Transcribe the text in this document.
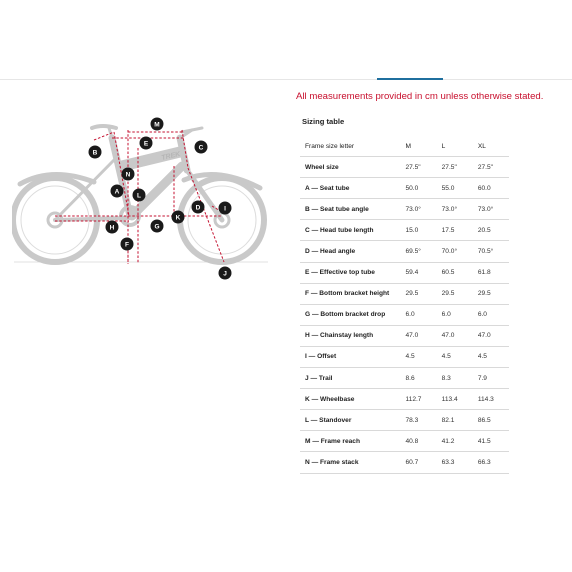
TREK
A
B
C
D
E
F
G
H
I
J
K
L
M
N

All measurements provided in cm unless otherwise stated.

Sizing table

Frame size letter	M	L	XL
Wheel size	27.5"	27.5"	27.5"
A — Seat tube	50.0	55.0	60.0
B — Seat tube angle	73.0°	73.0°	73.0°
C — Head tube length	15.0	17.5	20.5
D — Head angle	69.5°	70.0°	70.5°
E — Effective top tube	59.4	60.5	61.8
F — Bottom bracket height	29.5	29.5	29.5
G — Bottom bracket drop	6.0	6.0	6.0
H — Chainstay length	47.0	47.0	47.0
I — Offset	4.5	4.5	4.5
J — Trail	8.6	8.3	7.9
K — Wheelbase	112.7	113.4	114.3
L — Standover	78.3	82.1	86.5
M — Frame reach	40.8	41.2	41.5
N — Frame stack	60.7	63.3	66.3
